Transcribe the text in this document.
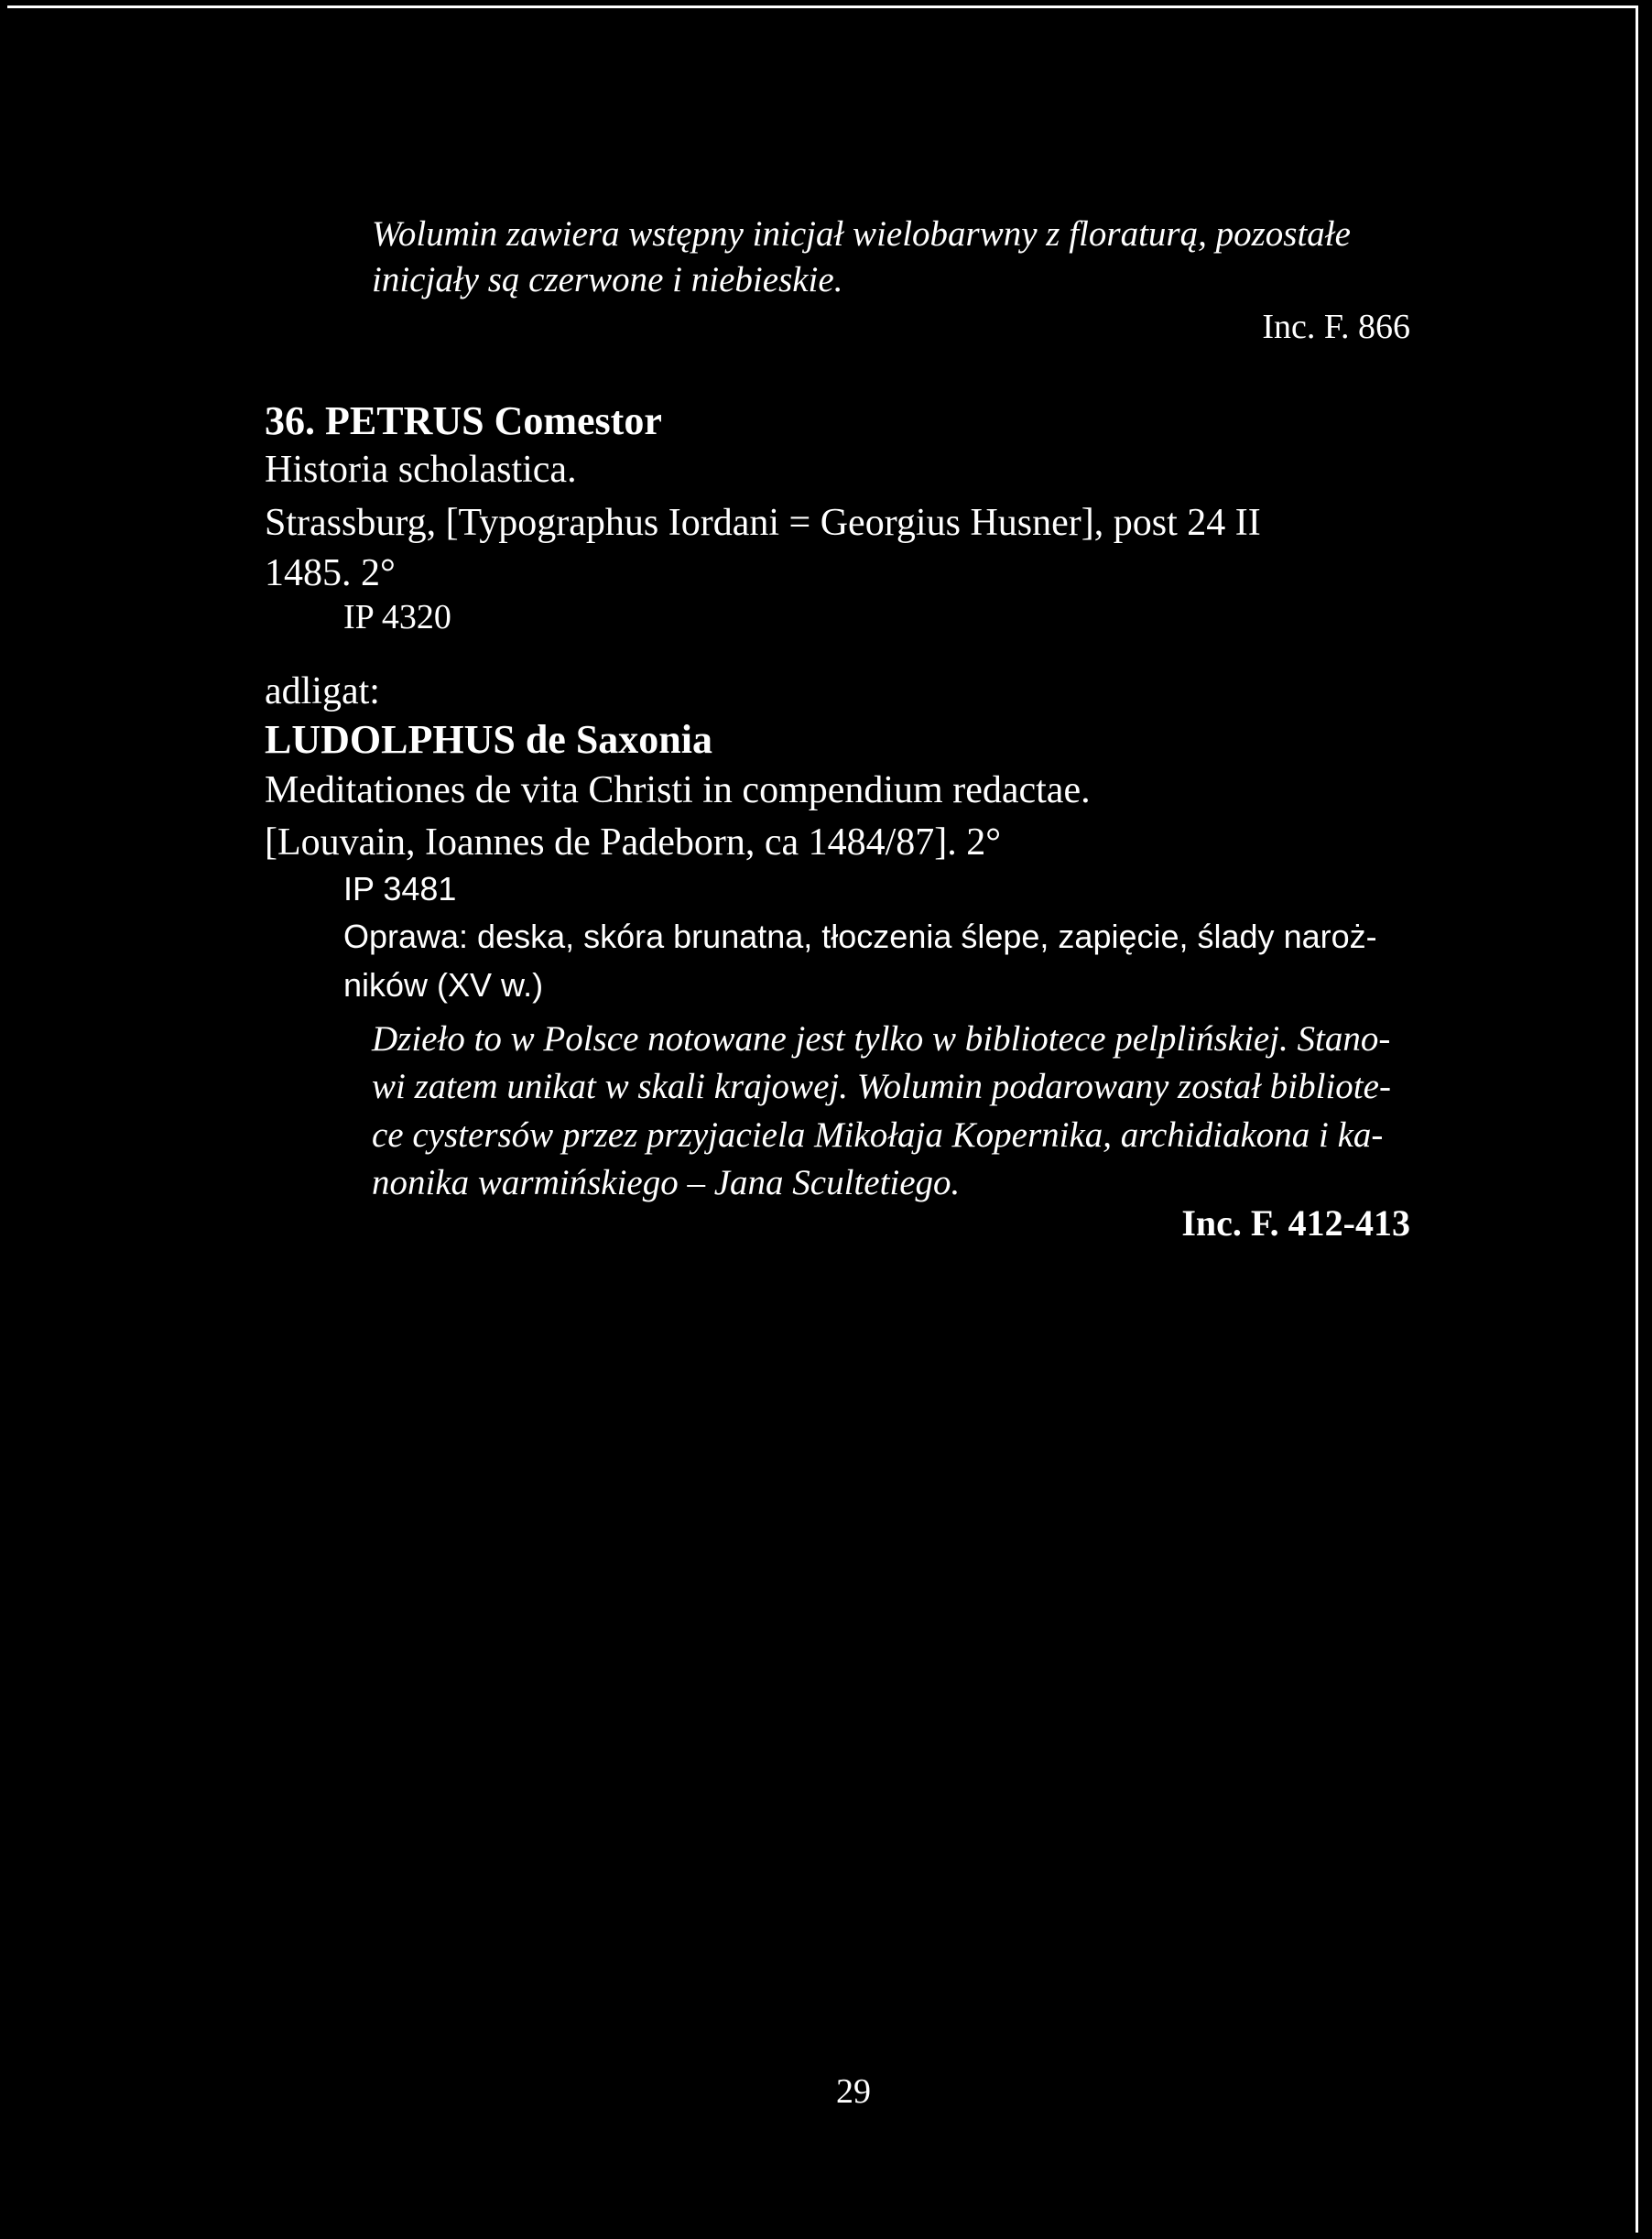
Wolumin zawiera wstępny inicjał wielobarwny z floraturą, pozostałe
inicjały są czerwone i niebieskie.
Inc. F. 866
36. PETRUS Comestor
Historia scholastica.
Strassburg, [Typographus Iordani = Georgius Husner], post 24 II
1485. 2°
IP 4320
adligat:
LUDOLPHUS de Saxonia
Meditationes de vita Christi in compendium redactae.
[Louvain, Ioannes de Padeborn, ca 1484/87]. 2°
IP 3481
Oprawa: deska, skóra brunatna, tłoczenia ślepe, zapięcie, ślady naroż-
ników (XV w.)
Dzieło to w Polsce notowane jest tylko w bibliotece pelplińskiej. Stano-
wi zatem unikat w skali krajowej. Wolumin podarowany został bibliote-
ce cystersów przez przyjaciela Mikołaja Kopernika, archidiakona i ka-
nonika warmińskiego – Jana Scultetiego.
Inc. F. 412-413
29
